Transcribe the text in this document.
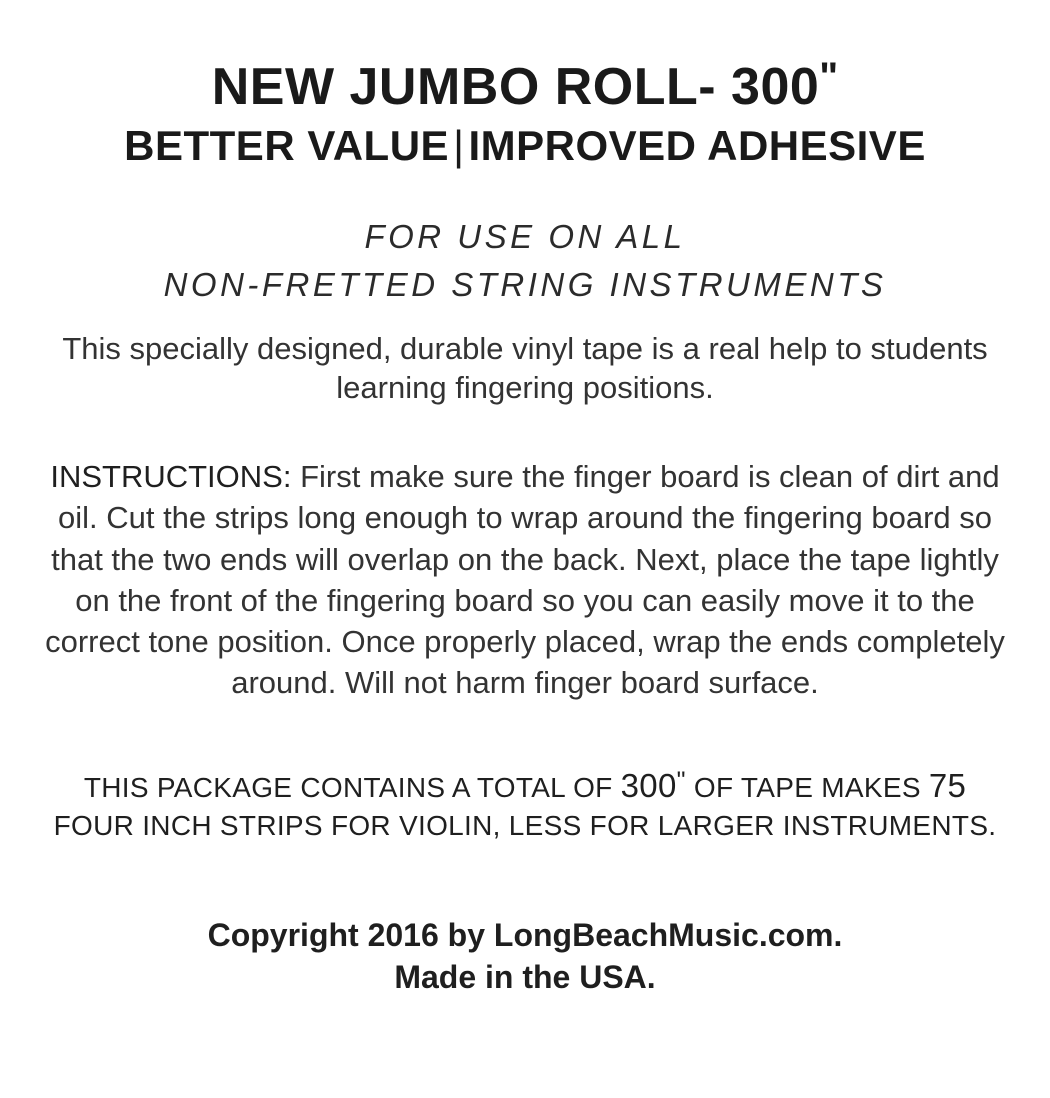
NEW JUMBO ROLL- 300"
BETTER VALUE|IMPROVED ADHESIVE
FOR USE ON ALL
NON-FRETTED STRING INSTRUMENTS

This specially designed, durable vinyl tape is a real help to students learning fingering positions.

INSTRUCTIONS: First make sure the finger board is clean of dirt and oil. Cut the strips long enough to wrap around the fingering board so that the two ends will overlap on the back. Next, place the tape lightly on the front of the fingering board so you can easily move it to the correct tone position. Once properly placed, wrap the ends completely around. Will not harm finger board surface.

THIS PACKAGE CONTAINS A TOTAL OF 300" OF TAPE MAKES 75 FOUR INCH STRIPS FOR VIOLIN, LESS FOR LARGER INSTRUMENTS.

Copyright 2016 by LongBeachMusic.com.
Made in the USA.
